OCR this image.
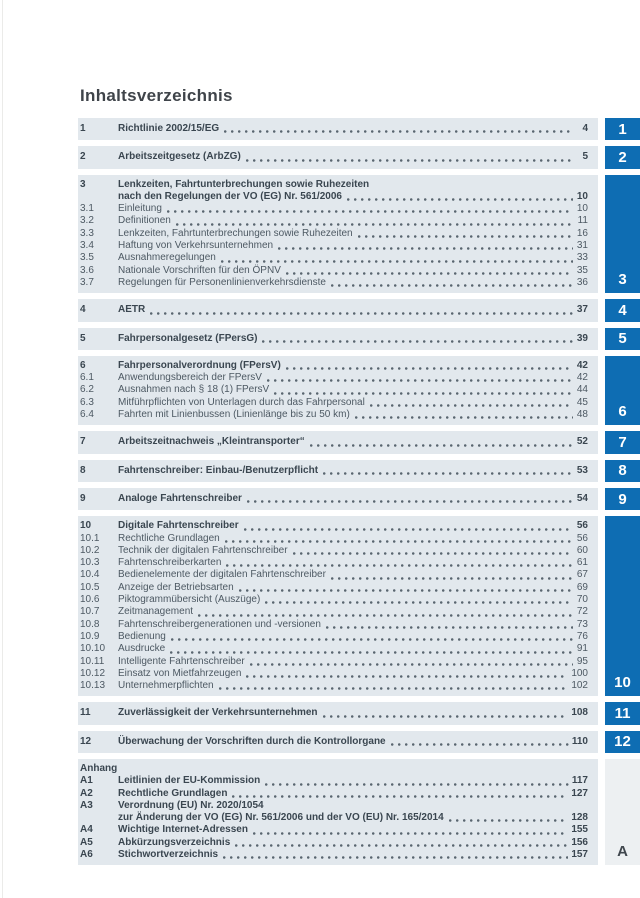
Inhaltsverzeichnis
1	Richtlinie 2002/15/EG	4 1
2	Arbeitszeitgesetz (ArbZG)	5 2
3	Lenkzeiten, Fahrtunterbrechungen sowie Ruhezeiten
nach den Regelungen der VO (EG) Nr. 561/2006	10
3.1	Einleitung	10
3.2	Definitionen	11
3.3	Lenkzeiten, Fahrtunterbrechungen sowie Ruhezeiten	16
3.4	Haftung von Verkehrsunternehmen	31
3.5	Ausnahmeregelungen	33
3.6	Nationale Vorschriften für den ÖPNV	35
3.7	Regelungen für Personenlinienverkehrsdienste	36 3
4	AETR	37 4
5	Fahrpersonalgesetz (FPersG)	39 5
6	Fahrpersonalverordnung (FPersV)	42
6.1	Anwendungsbereich der FPersV	42
6.2	Ausnahmen nach § 18 (1) FPersV	44
6.3	Mitführpflichten von Unterlagen durch das Fahrpersonal	45
6.4	Fahrten mit Linienbussen (Linienlänge bis zu 50 km)	48 6
7	Arbeitszeitnachweis „Kleintransporter“	52 7
8	Fahrtenschreiber: Einbau-/Benutzerpflicht	53 8
9	Analoge Fahrtenschreiber	54 9
10	Digitale Fahrtenschreiber	56
10.1	Rechtliche Grundlagen	56
10.2	Technik der digitalen Fahrtenschreiber	60
10.3	Fahrtenschreiberkarten	61
10.4	Bedienelemente der digitalen Fahrtenschreiber	67
10.5	Anzeige der Betriebsarten	69
10.6	Piktogrammübersicht (Auszüge)	70
10.7	Zeitmanagement	72
10.8	Fahrtenschreibergenerationen und -versionen	73
10.9	Bedienung	76
10.10	Ausdrucke	91
10.11	Intelligente Fahrtenschreiber	95
10.12	Einsatz von Mietfahrzeugen	100
10.13	Unternehmerpflichten	102 10
11	Zuverlässigkeit der Verkehrsunternehmen	108 11
12	Überwachung der Vorschriften durch die Kontrollorgane	110 12
Anhang
A1	Leitlinien der EU-Kommission	117
A2	Rechtliche Grundlagen	127
A3	Verordnung (EU) Nr. 2020/1054
zur Änderung der VO (EG) Nr. 561/2006 und der VO (EU) Nr. 165/2014	128
A4	Wichtige Internet-Adressen	155
A5	Abkürzungsverzeichnis	156
A6	Stichwortverzeichnis	157 A
